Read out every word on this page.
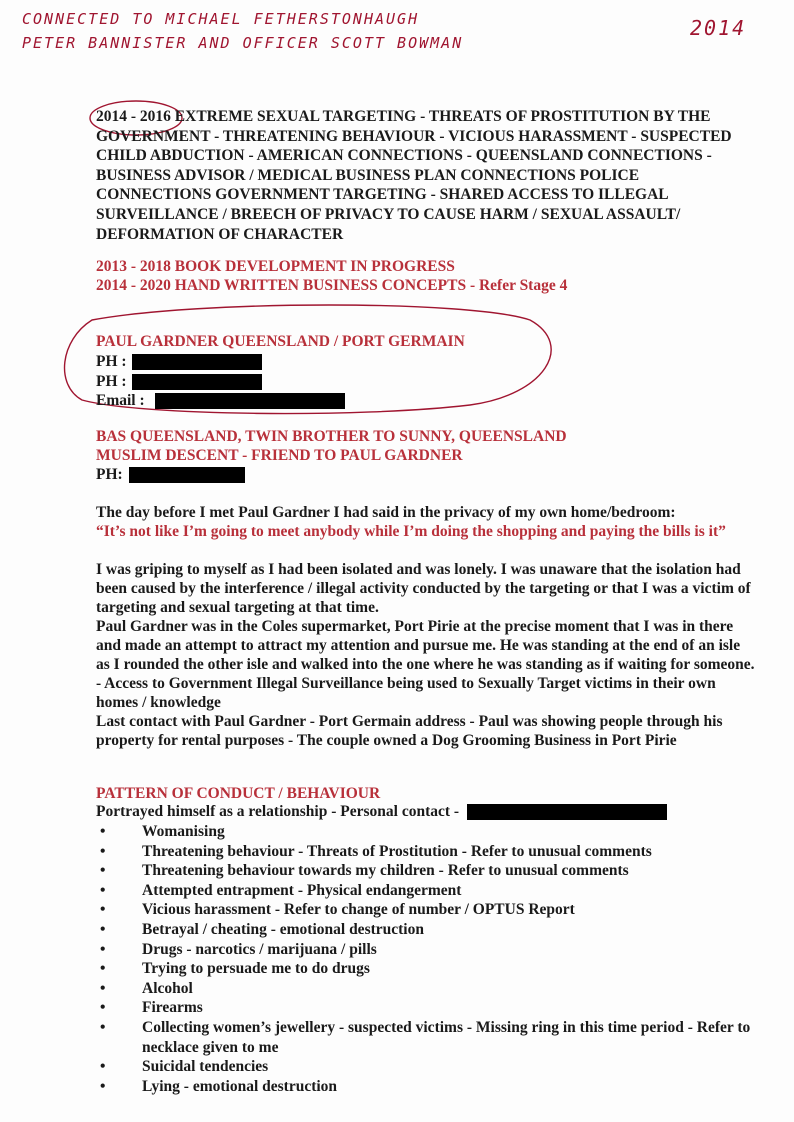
CONNECTED TO MICHAEL FETHERSTONHAUGH
PETER BANNISTER AND OFFICER SCOTT BOWMAN
2014
2014 - 2016 EXTREME SEXUAL TARGETING - THREATS OF PROSTITUTION BY THE GOVERNMENT - THREATENING BEHAVIOUR - VICIOUS HARASSMENT - SUSPECTED CHILD ABDUCTION - AMERICAN CONNECTIONS - QUEENSLAND CONNECTIONS - BUSINESS ADVISOR / MEDICAL BUSINESS PLAN CONNECTIONS POLICE CONNECTIONS GOVERNMENT TARGETING - SHARED ACCESS TO ILLEGAL SURVEILLANCE / BREECH OF PRIVACY TO CAUSE HARM / SEXUAL ASSAULT/ DEFORMATION OF CHARACTER
2013 - 2018 BOOK DEVELOPMENT IN PROGRESS
2014 - 2020 HAND WRITTEN BUSINESS CONCEPTS - Refer Stage 4
PAUL GARDNER QUEENSLAND / PORT GERMAIN
PH :
PH :
Email :
BAS QUEENSLAND, TWIN BROTHER TO SUNNY, QUEENSLAND
MUSLIM DESCENT - FRIEND TO PAUL GARDNER
PH:
The day before I met Paul Gardner I had said in the privacy of my own home/bedroom:
“It’s not like I’m going to meet anybody while I’m doing the shopping and paying the bills is it”
I was griping to myself as I had been isolated and was lonely. I was unaware that the isolation had been caused by the interference / illegal activity conducted by the targeting or that I was a victim of targeting and sexual targeting at that time.
Paul Gardner was in the Coles supermarket, Port Pirie at the precise moment that I was in there and made an attempt to attract my attention and pursue me. He was standing at the end of an isle as I rounded the other isle and walked into the one where he was standing as if waiting for someone. - Access to Government Illegal Surveillance being used to Sexually Target victims in their own homes / knowledge
Last contact with Paul Gardner - Port Germain address - Paul was showing people through his property for rental purposes - The couple owned a Dog Grooming Business in Port Pirie
PATTERN OF CONDUCT / BEHAVIOUR
Portrayed himself as a relationship - Personal contact -
• Womanising
• Threatening behaviour - Threats of Prostitution - Refer to unusual comments
• Threatening behaviour towards my children - Refer to unusual comments
• Attempted entrapment - Physical endangerment
• Vicious harassment - Refer to change of number / OPTUS Report
• Betrayal / cheating - emotional destruction
• Drugs - narcotics / marijuana / pills
• Trying to persuade me to do drugs
• Alcohol
• Firearms
• Collecting women’s jewellery - suspected victims - Missing ring in this time period - Refer to necklace given to me
• Suicidal tendencies
• Lying - emotional destruction
